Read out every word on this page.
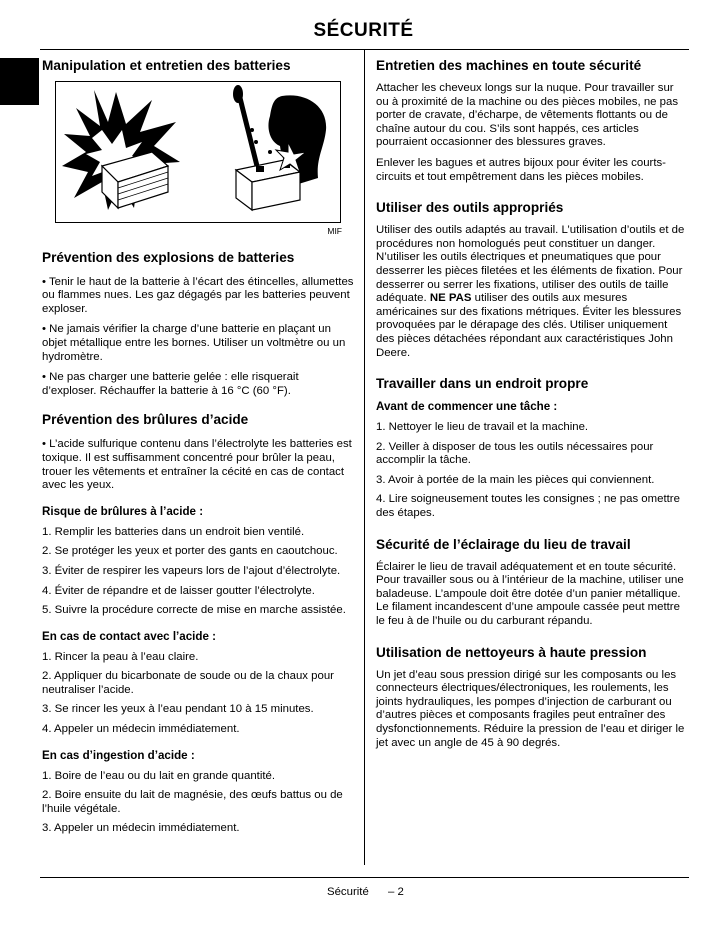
SÉCURITÉ
Manipulation et entretien des batteries
MIF
Prévention des explosions de batteries

• Tenir le haut de la batterie à l’écart des étincelles, allumettes ou flammes nues. Les gaz dégagés par les batteries peuvent exploser.

• Ne jamais vérifier la charge d’une batterie en plaçant un objet métallique entre les bornes. Utiliser un voltmètre ou un hydromètre.

• Ne pas charger une batterie gelée : elle risquerait d’exploser. Réchauffer la batterie à 16 °C (60 °F).

Prévention des brûlures d’acide

• L’acide sulfurique contenu dans l’électrolyte les batteries est toxique. Il est suffisamment concentré pour brûler la peau, trouer les vêtements et entraîner la cécité en cas de contact avec les yeux.

Risque de brûlures à l’acide :

1. Remplir les batteries dans un endroit bien ventilé.

2. Se protéger les yeux et porter des gants en caoutchouc.

3. Éviter de respirer les vapeurs lors de l’ajout d’électrolyte.

4. Éviter de répandre et de laisser goutter l’électrolyte.

5. Suivre la procédure correcte de mise en marche assistée.

En cas de contact avec l’acide :

1. Rincer la peau à l’eau claire.

2. Appliquer du bicarbonate de soude ou de la chaux pour neutraliser l’acide.

3. Se rincer les yeux à l’eau pendant 10 à 15 minutes.

4. Appeler un médecin immédiatement.

En cas d’ingestion d’acide :

1. Boire de l’eau ou du lait en grande quantité.

2. Boire ensuite du lait de magnésie, des œufs battus ou de l’huile végétale.

3. Appeler un médecin immédiatement.

Entretien des machines en toute sécurité

Attacher les cheveux longs sur la nuque. Pour travailler sur ou à proximité de la machine ou des pièces mobiles, ne pas porter de cravate, d’écharpe, de vêtements flottants ou de chaîne autour du cou. S’ils sont happés, ces articles pourraient occasionner des blessures graves.

Enlever les bagues et autres bijoux pour éviter les courts-circuits et tout empêtrement dans les pièces mobiles.

Utiliser des outils appropriés

Utiliser des outils adaptés au travail. L’utilisation d’outils et de procédures non homologués peut constituer un danger. N’utiliser les outils électriques et pneumatiques que pour desserrer les pièces filetées et les éléments de fixation. Pour desserrer ou serrer les fixations, utiliser des outils de taille adéquate. NE PAS utiliser des outils aux mesures américaines sur des fixations métriques. Éviter les blessures provoquées par le dérapage des clés. Utiliser uniquement des pièces détachées répondant aux caractéristiques John Deere.

Travailler dans un endroit propre
Avant de commencer une tâche :

1. Nettoyer le lieu de travail et la machine.

2. Veiller à disposer de tous les outils nécessaires pour accomplir la tâche.

3. Avoir à portée de la main les pièces qui conviennent.

4. Lire soigneusement toutes les consignes ; ne pas omettre des étapes.

Sécurité de l’éclairage du lieu de travail

Éclairer le lieu de travail adéquatement et en toute sécurité. Pour travailler sous ou à l’intérieur de la machine, utiliser une baladeuse. L’ampoule doit être dotée d’un panier métallique. Le filament incandescent d’une ampoule cassée peut mettre le feu à de l’huile ou du carburant répandu.

Utilisation de nettoyeurs à haute pression

Un jet d’eau sous pression dirigé sur les composants ou les connecteurs électriques/électroniques, les roulements, les joints hydrauliques, les pompes d’injection de carburant ou d’autres pièces et composants fragiles peut entraîner des dysfonctionnements. Réduire la pression de l’eau et diriger le jet avec un angle de 45 à 90 degrés.

Sécurité – 2
